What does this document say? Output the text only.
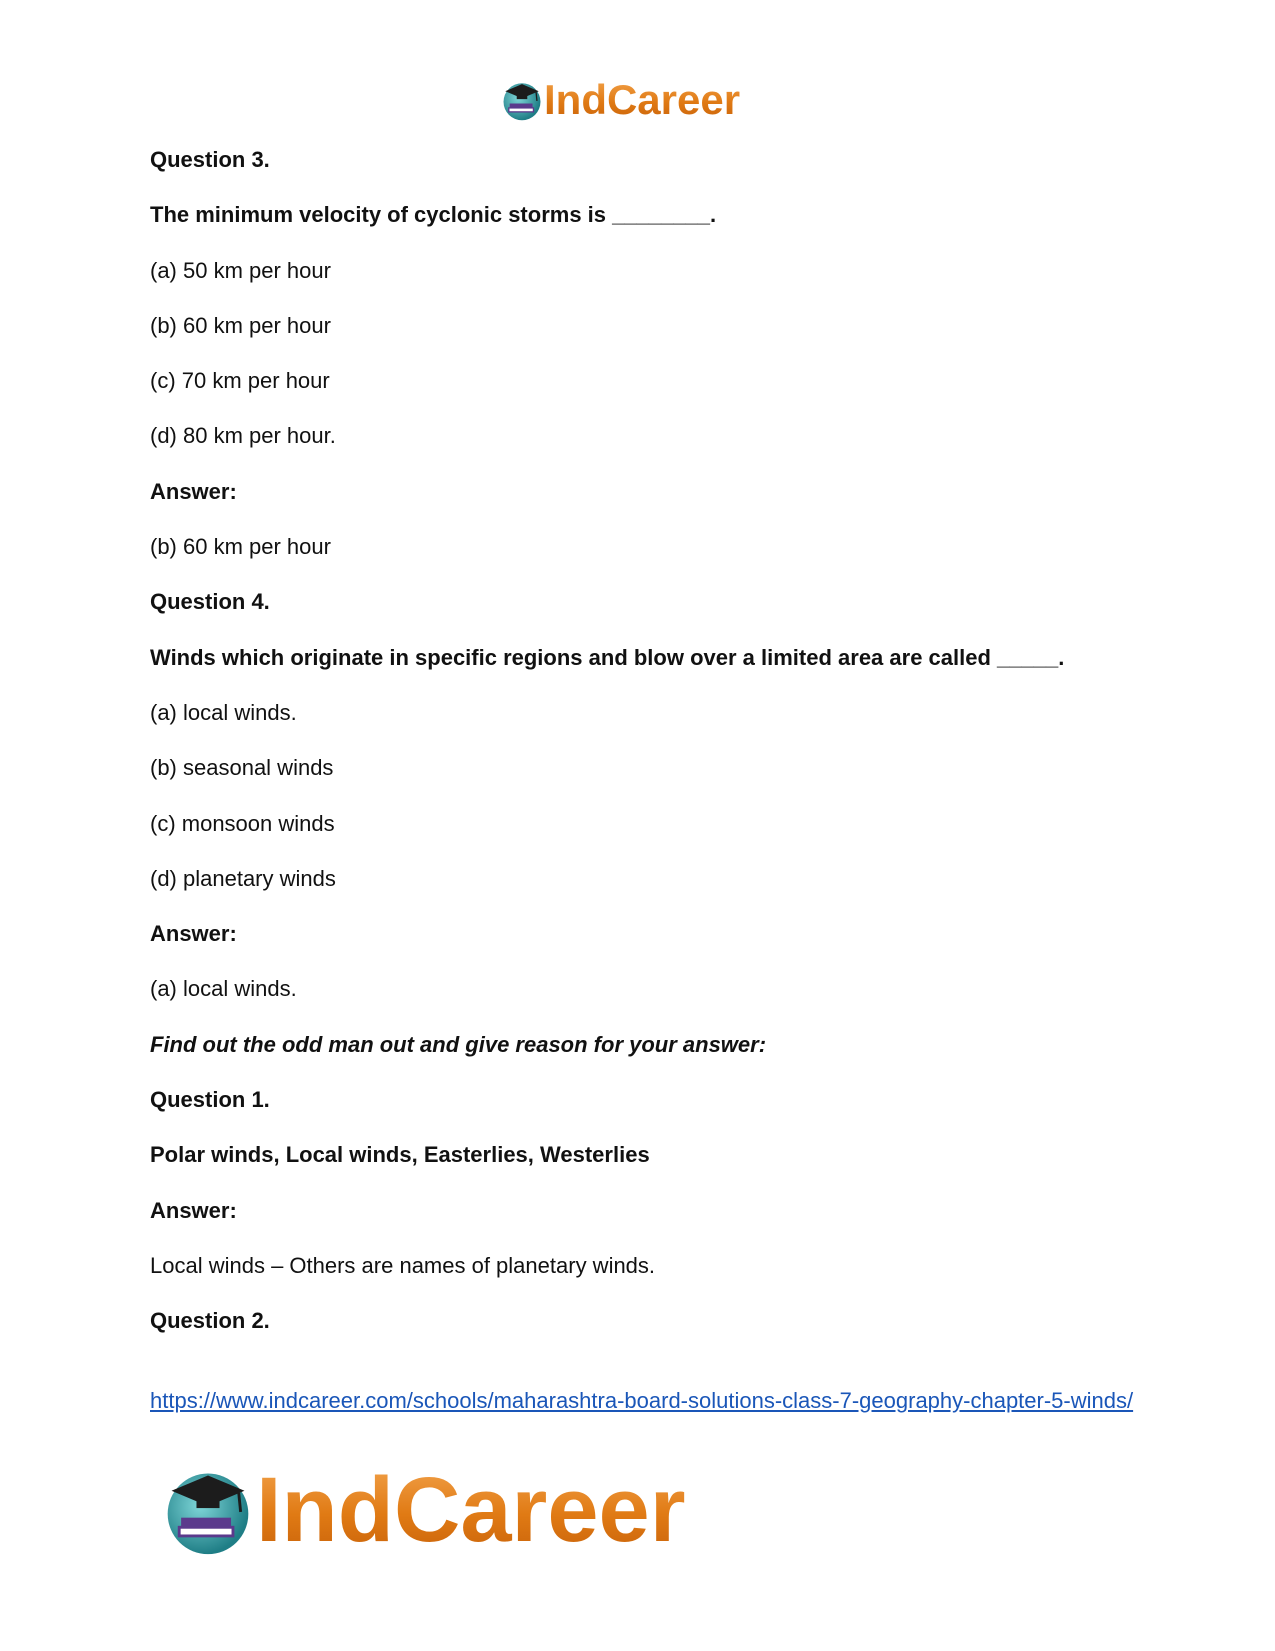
IndCareer
Question 3.
The minimum velocity of cyclonic storms is ________.
(a) 50 km per hour
(b) 60 km per hour
(c) 70 km per hour
(d) 80 km per hour.
Answer:
(b) 60 km per hour
Question 4.
Winds which originate in specific regions and blow over a limited area are called _____.
(a) local winds.
(b) seasonal winds
(c) monsoon winds
(d) planetary winds
Answer:
(a) local winds.
Find out the odd man out and give reason for your answer:
Question 1.
Polar winds, Local winds, Easterlies, Westerlies
Answer:
Local winds – Others are names of planetary winds.
Question 2.
https://www.indcareer.com/schools/maharashtra-board-solutions-class-7-geography-chapter-5-winds/
IndCareer
